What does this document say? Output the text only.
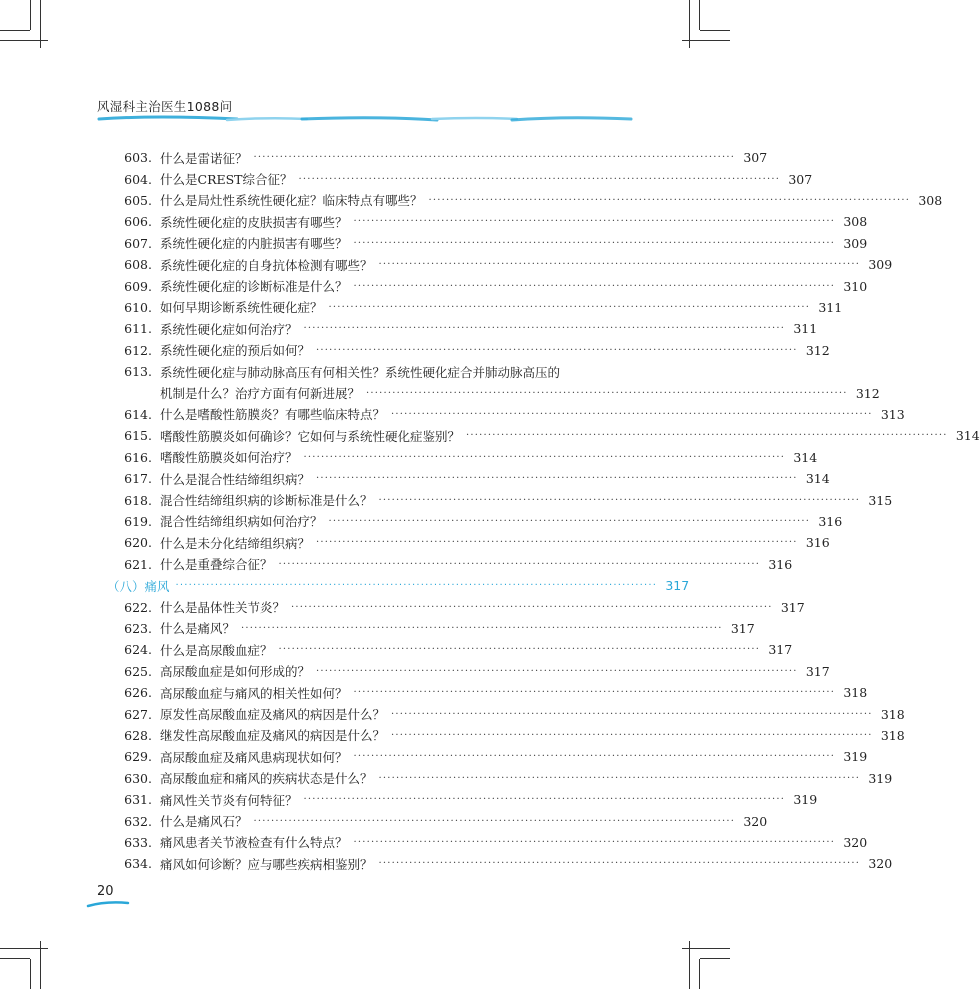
风湿科主治医生1088问
603. 什么是雷诺征？ ·············································································································· 307
604. 什么是CREST综合征？ ·············································································································· 307
605. 什么是局灶性系统性硬化症？临床特点有哪些？ ·············································································································· 308
606. 系统性硬化症的皮肤损害有哪些？ ·············································································································· 308
607. 系统性硬化症的内脏损害有哪些？ ·············································································································· 309
608. 系统性硬化症的自身抗体检测有哪些？ ·············································································································· 309
609. 系统性硬化症的诊断标准是什么？ ·············································································································· 310
610. 如何早期诊断系统性硬化症？ ·············································································································· 311
611. 系统性硬化症如何治疗？ ·············································································································· 311
612. 系统性硬化症的预后如何？ ·············································································································· 312
613. 系统性硬化症与肺动脉高压有何相关性？系统性硬化症合并肺动脉高压的
机制是什么？治疗方面有何新进展？ ·············································································································· 312
614. 什么是嗜酸性筋膜炎？有哪些临床特点？ ·············································································································· 313
615. 嗜酸性筋膜炎如何确诊？它如何与系统性硬化症鉴别？ ·············································································································· 314
616. 嗜酸性筋膜炎如何治疗？ ·············································································································· 314
617. 什么是混合性结缔组织病？ ·············································································································· 314
618. 混合性结缔组织病的诊断标准是什么？ ·············································································································· 315
619. 混合性结缔组织病如何治疗？ ·············································································································· 316
620. 什么是未分化结缔组织病？ ·············································································································· 316
621. 什么是重叠综合征？ ·············································································································· 316
（八）痛风 ·············································································································· 317
622. 什么是晶体性关节炎？ ·············································································································· 317
623. 什么是痛风？ ·············································································································· 317
624. 什么是高尿酸血症？ ·············································································································· 317
625. 高尿酸血症是如何形成的？ ·············································································································· 317
626. 高尿酸血症与痛风的相关性如何？ ·············································································································· 318
627. 原发性高尿酸血症及痛风的病因是什么？ ·············································································································· 318
628. 继发性高尿酸血症及痛风的病因是什么？ ·············································································································· 318
629. 高尿酸血症及痛风患病现状如何？ ·············································································································· 319
630. 高尿酸血症和痛风的疾病状态是什么？ ·············································································································· 319
631. 痛风性关节炎有何特征？ ·············································································································· 319
632. 什么是痛风石？ ·············································································································· 320
633. 痛风患者关节液检查有什么特点？ ·············································································································· 320
634. 痛风如何诊断？应与哪些疾病相鉴别？ ·············································································································· 320
20
